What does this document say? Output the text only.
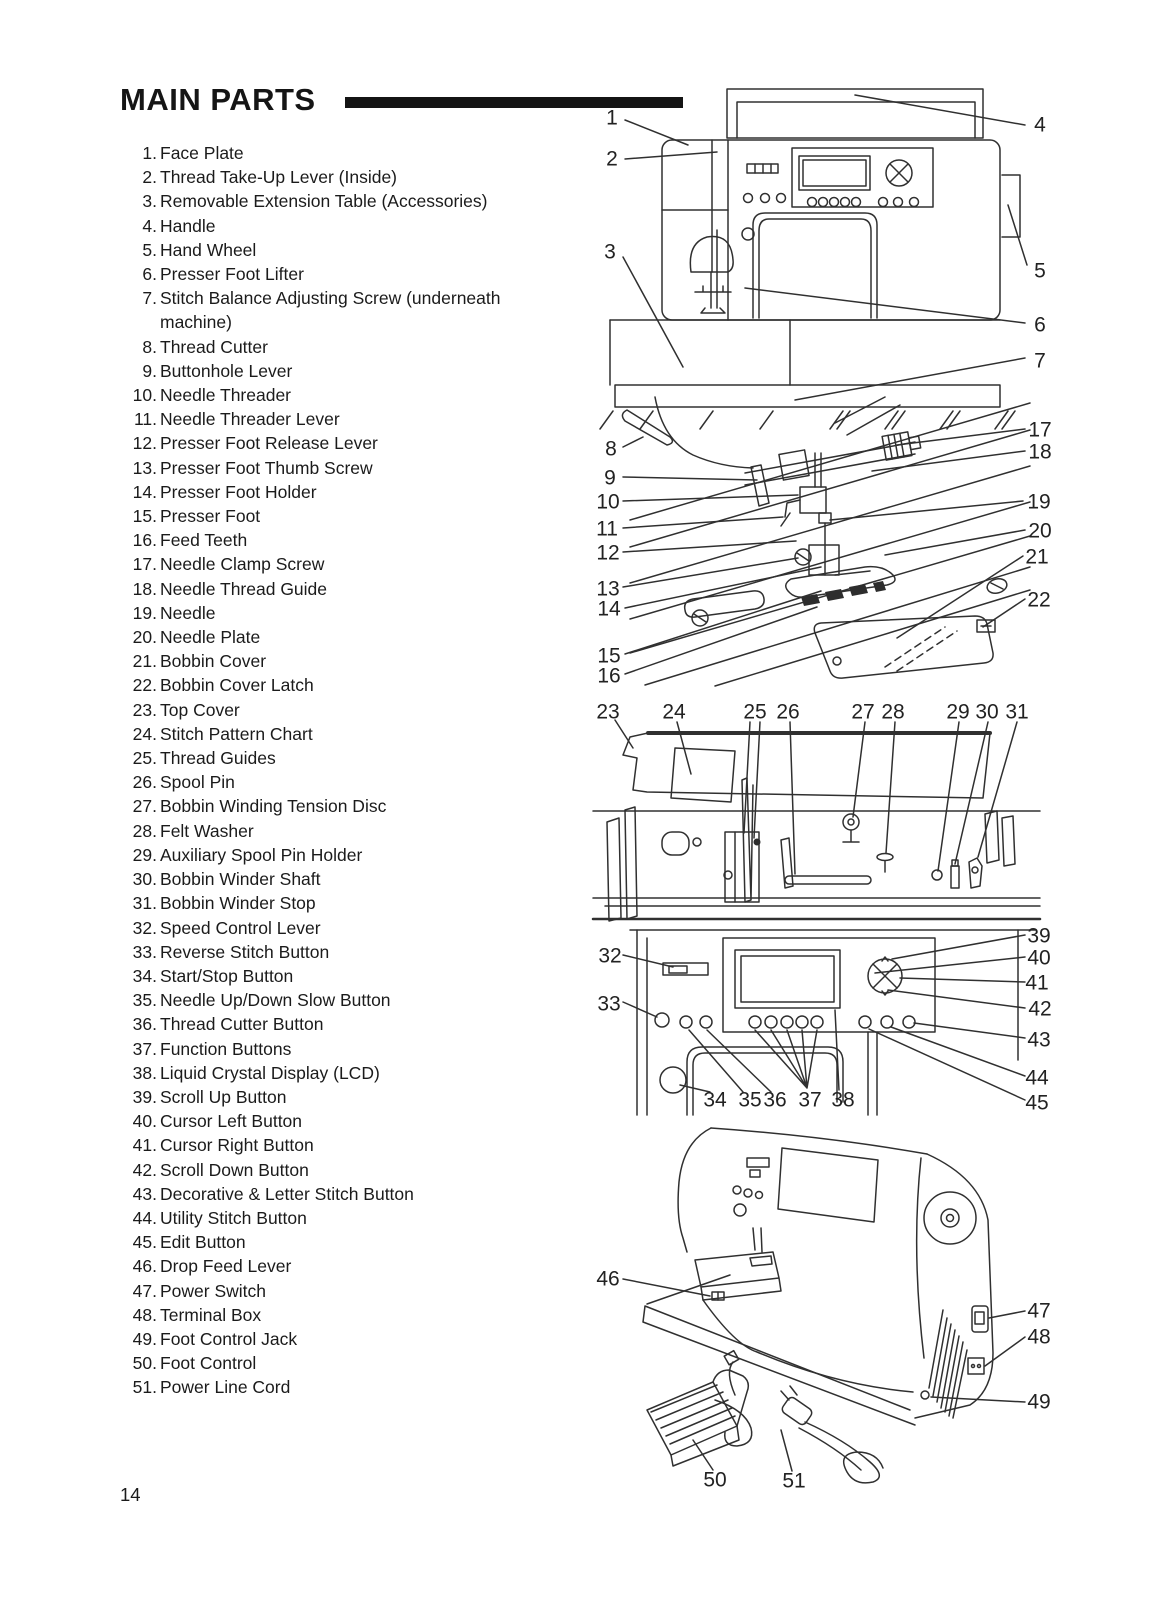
MAIN PARTS
1. Face Plate
2. Thread Take-Up Lever (Inside)
3. Removable Extension Table (Accessories)
4. Handle
5. Hand Wheel
6. Presser Foot Lifter
7. Stitch Balance Adjusting Screw (underneath machine)
8. Thread Cutter
9. Buttonhole Lever
10. Needle Threader
11. Needle Threader Lever
12. Presser Foot Release Lever
13. Presser Foot Thumb Screw
14. Presser Foot Holder
15. Presser Foot
16. Feed Teeth
17. Needle Clamp Screw
18. Needle Thread Guide
19. Needle
20. Needle Plate
21. Bobbin Cover
22. Bobbin Cover Latch
23. Top Cover
24. Stitch Pattern Chart
25. Thread Guides
26. Spool Pin
27. Bobbin Winding Tension Disc
28. Felt Washer
29. Auxiliary Spool Pin Holder
30. Bobbin Winder Shaft
31. Bobbin Winder Stop
32. Speed Control Lever
33. Reverse Stitch Button
34. Start/Stop Button
35. Needle Up/Down Slow Button
36. Thread Cutter Button
37. Function Buttons
38. Liquid Crystal Display (LCD)
39. Scroll Up Button
40. Cursor Left Button
41. Cursor Right Button
42. Scroll Down Button
43. Decorative & Letter Stitch Button
44. Utility Stitch Button
45. Edit Button
46. Drop Feed Lever
47. Power Switch
48. Terminal Box
49. Foot Control Jack
50. Foot Control
51. Power Line Cord
1
2
3
4
5
6
7
8
9
10
11
12
13
14
15
16
17
18
19
20
21
22
23 24	25 26 27 28 29 30 31
32
33
34 35 36 37 38
39
40
41
42
43
44
45
46
47
48
49
50	51
14
